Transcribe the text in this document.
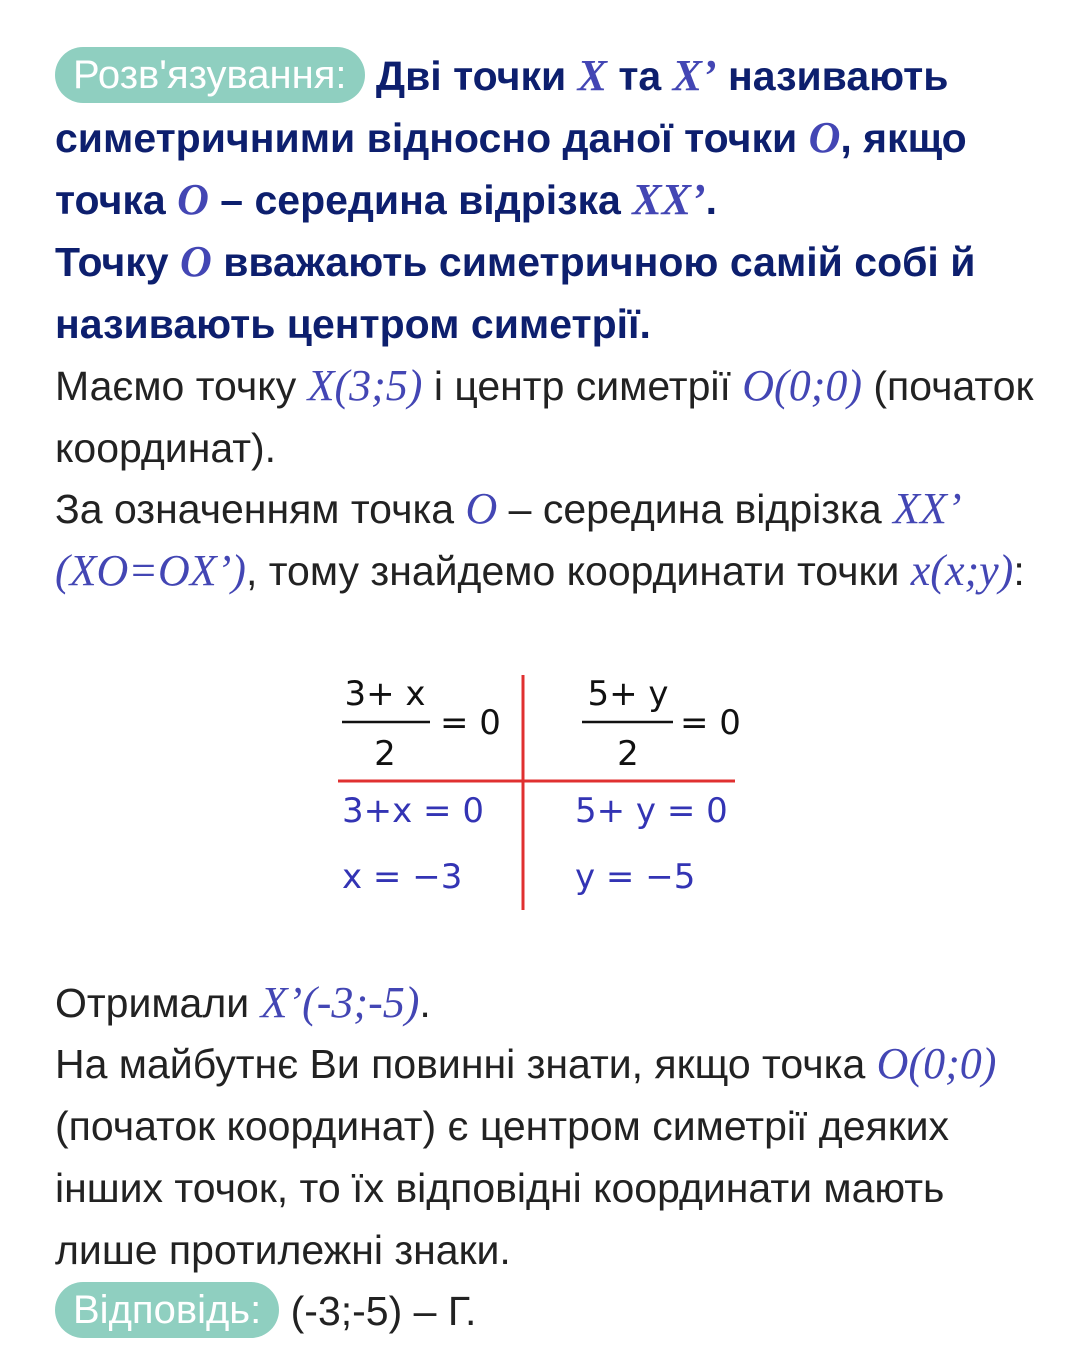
Розв'язування: Дві точки X та X’ називають симетричними відносно даної точки O, якщо точка O – середина відрізка XX’.
Точку O вважають симетричною самій собі й називають центром симетрії.
Маємо точку X(3;5) і центр симетрії O(0;0) (початок координат).
За означенням точка O – середина відрізка XX’ (XO=OX’), тому знайдемо координати точки x(x;y):
3+ x
2
= 0
5+ y
2
= 0
3+x = 0
x = −3
5+ y = 0
y = −5
Отримали X’(-3;-5).
На майбутнє Ви повинні знати, якщо точка O(0;0) (початок координат) є центром симетрії деяких інших точок, то їх відповідні координати мають лише протилежні знаки.
Відповідь: (-3;-5) – Г.
